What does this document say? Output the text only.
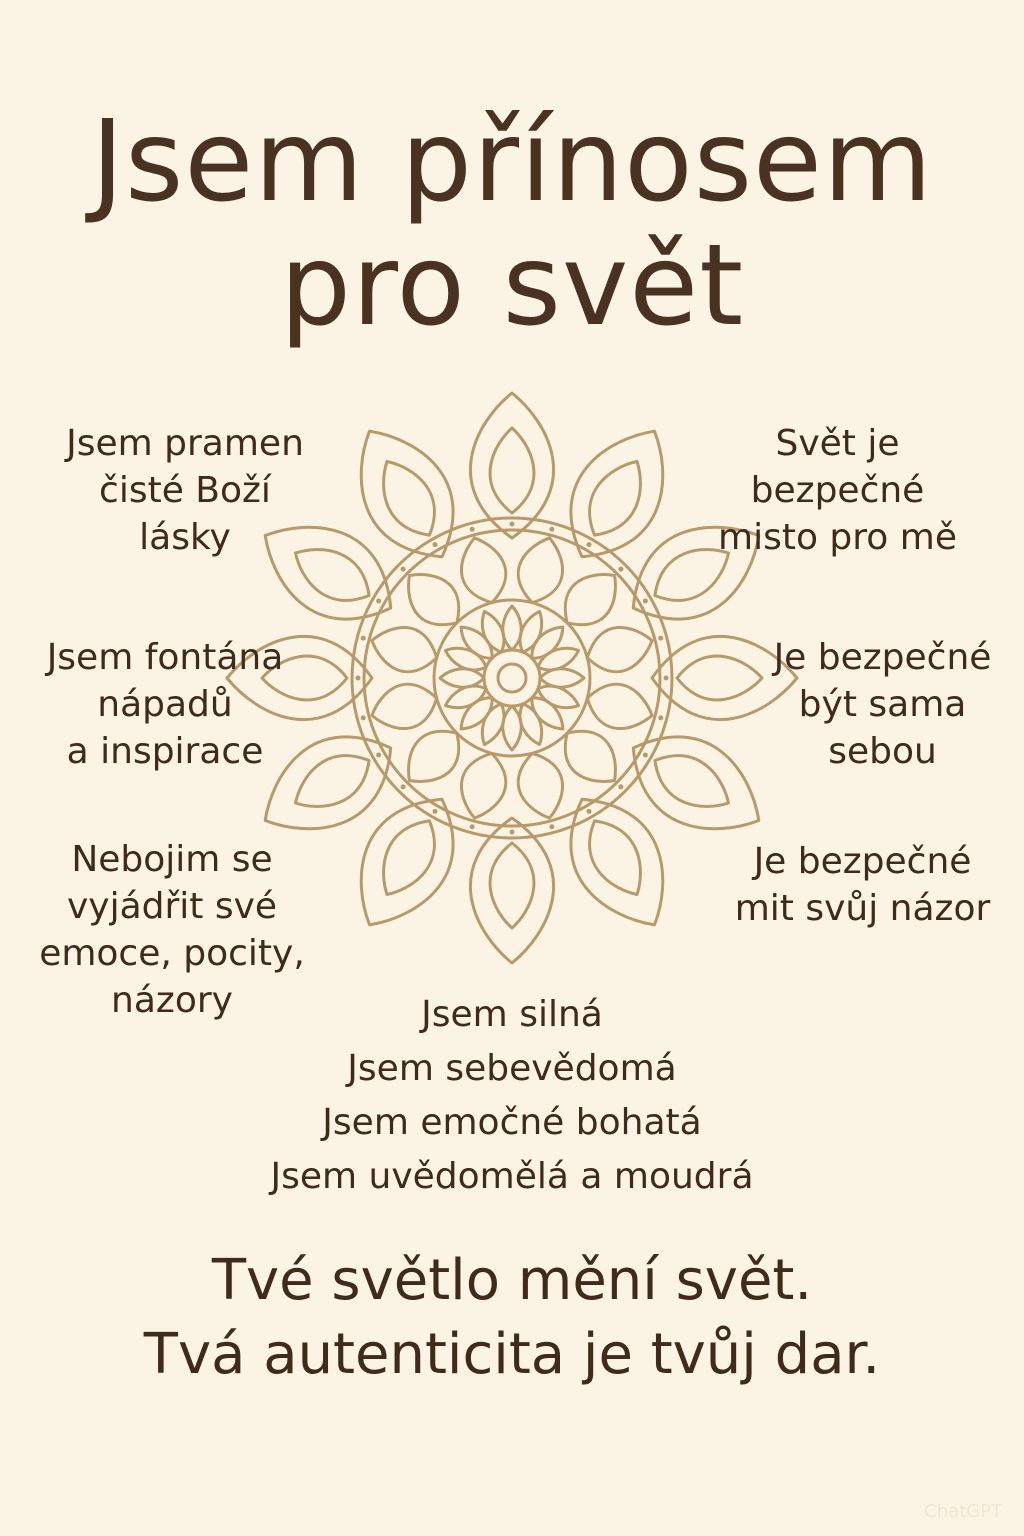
Jsem přínosem
pro svět
Jsem pramen
čisté Boží
lásky
Jsem fontána
nápadů
a inspirace
Nebojim se
vyjádřit své
emoce, pocity,
názory
Svět je
bezpečné
misto pro mě
Je bezpečné
být sama
sebou
Je bezpečné
mit svůj názor
Jsem silná
Jsem sebevědomá
Jsem emočné bohatá
Jsem uvědomělá a moudrá
Tvé světlo mění svět.
Tvá autenticita je tvůj dar.
ChatGPT
